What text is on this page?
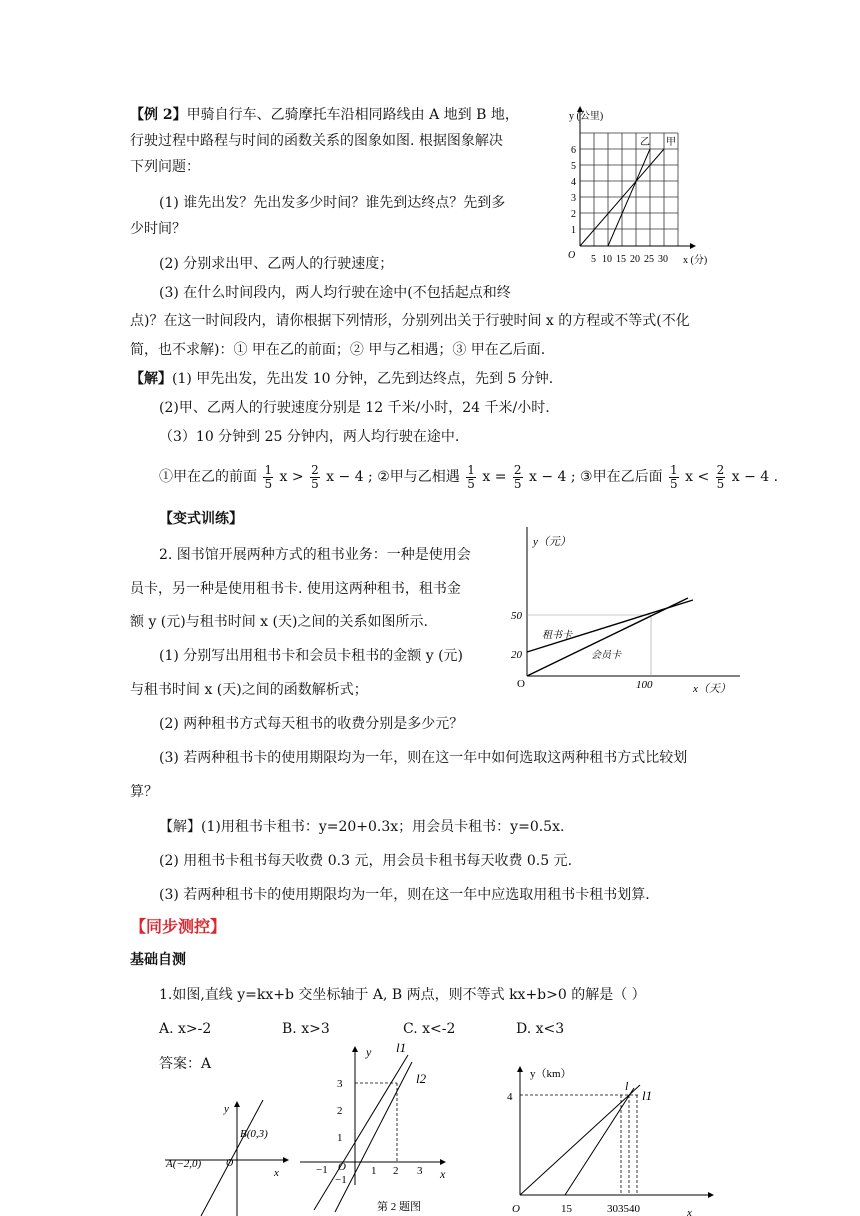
【例 2】甲骑自行车、乙骑摩托车沿相同路线由 A 地到 B 地，
行驶过程中路程与时间的函数关系的图象如图. 根据图象解决
下列问题：
(1) 谁先出发？先出发多少时间？谁先到达终点？先到多
少时间？
(2) 分别求出甲、乙两人的行驶速度；
(3) 在什么时间段内，两人均行驶在途中(不包括起点和终
点)？在这一时间段内，请你根据下列情形，分别列出关于行驶时间 x 的方程或不等式(不化
简，也不求解)：① 甲在乙的前面；② 甲与乙相遇；③ 甲在乙后面.
【解】(1) 甲先出发，先出发 10 分钟，乙先到达终点，先到 5 分钟.
(2)甲、乙两人的行驶速度分别是 12 千米/小时，24 千米/小时.
（3）10 分钟到 25 分钟内，两人均行驶在途中.
①甲在乙的前面 $\frac{1}{5}$ $x > \frac{2}{5}$ x − 4 ; ②甲与乙相遇 $\frac{1}{5}$ $x = \frac{2}{5}$ x − 4 ; ③甲在乙后面 $\frac{1}{5}$ $x < \frac{2}{5}$ x − 4 .
y (公里)
x (分)
O
乙 甲
1
2
3
4
5
6
5 10 15 20 25 30
【变式训练】
2. 图书馆开展两种方式的租书业务：一种是使用会
员卡，另一种是使用租书卡. 使用这两种租书，租书金
额 y (元)与租书时间 x (天)之间的关系如图所示.
(1) 分别写出用租书卡和会员卡租书的金额 y (元)
与租书时间 x (天)之间的函数解析式；
(2) 两种租书方式每天租书的收费分别是多少元？
(3) 若两种租书卡的使用期限均为一年，则在这一年中如何选取这两种租书方式比较划
算？
【解】(1)用租书卡租书：y=20+0.3x；用会员卡租书：y=0.5x.
(2) 用租书卡租书每天收费 0.3 元，用会员卡租书每天收费 0.5 元.
(3) 若两种租书卡的使用期限均为一年，则在这一年中应选取用租书卡租书划算.
y（元）
x（天）
O
50
20
100
租书卡
会员卡
【同步测控】
基础自测
1.如图,直线 y=kx+b 交坐标轴于 A, B 两点，则不等式 kx+b>0 的解是（ ）
A. x>-2	B. x>3	C. x<-2	D. x<3
答案：A
y
x
O
A(−2,0)
B(0,3)
y
x
l1
l2
3
2
1
−1
−1 O 1 2 3
第 2 题图
y（km）
4	l1
l
O	15	303540	x
